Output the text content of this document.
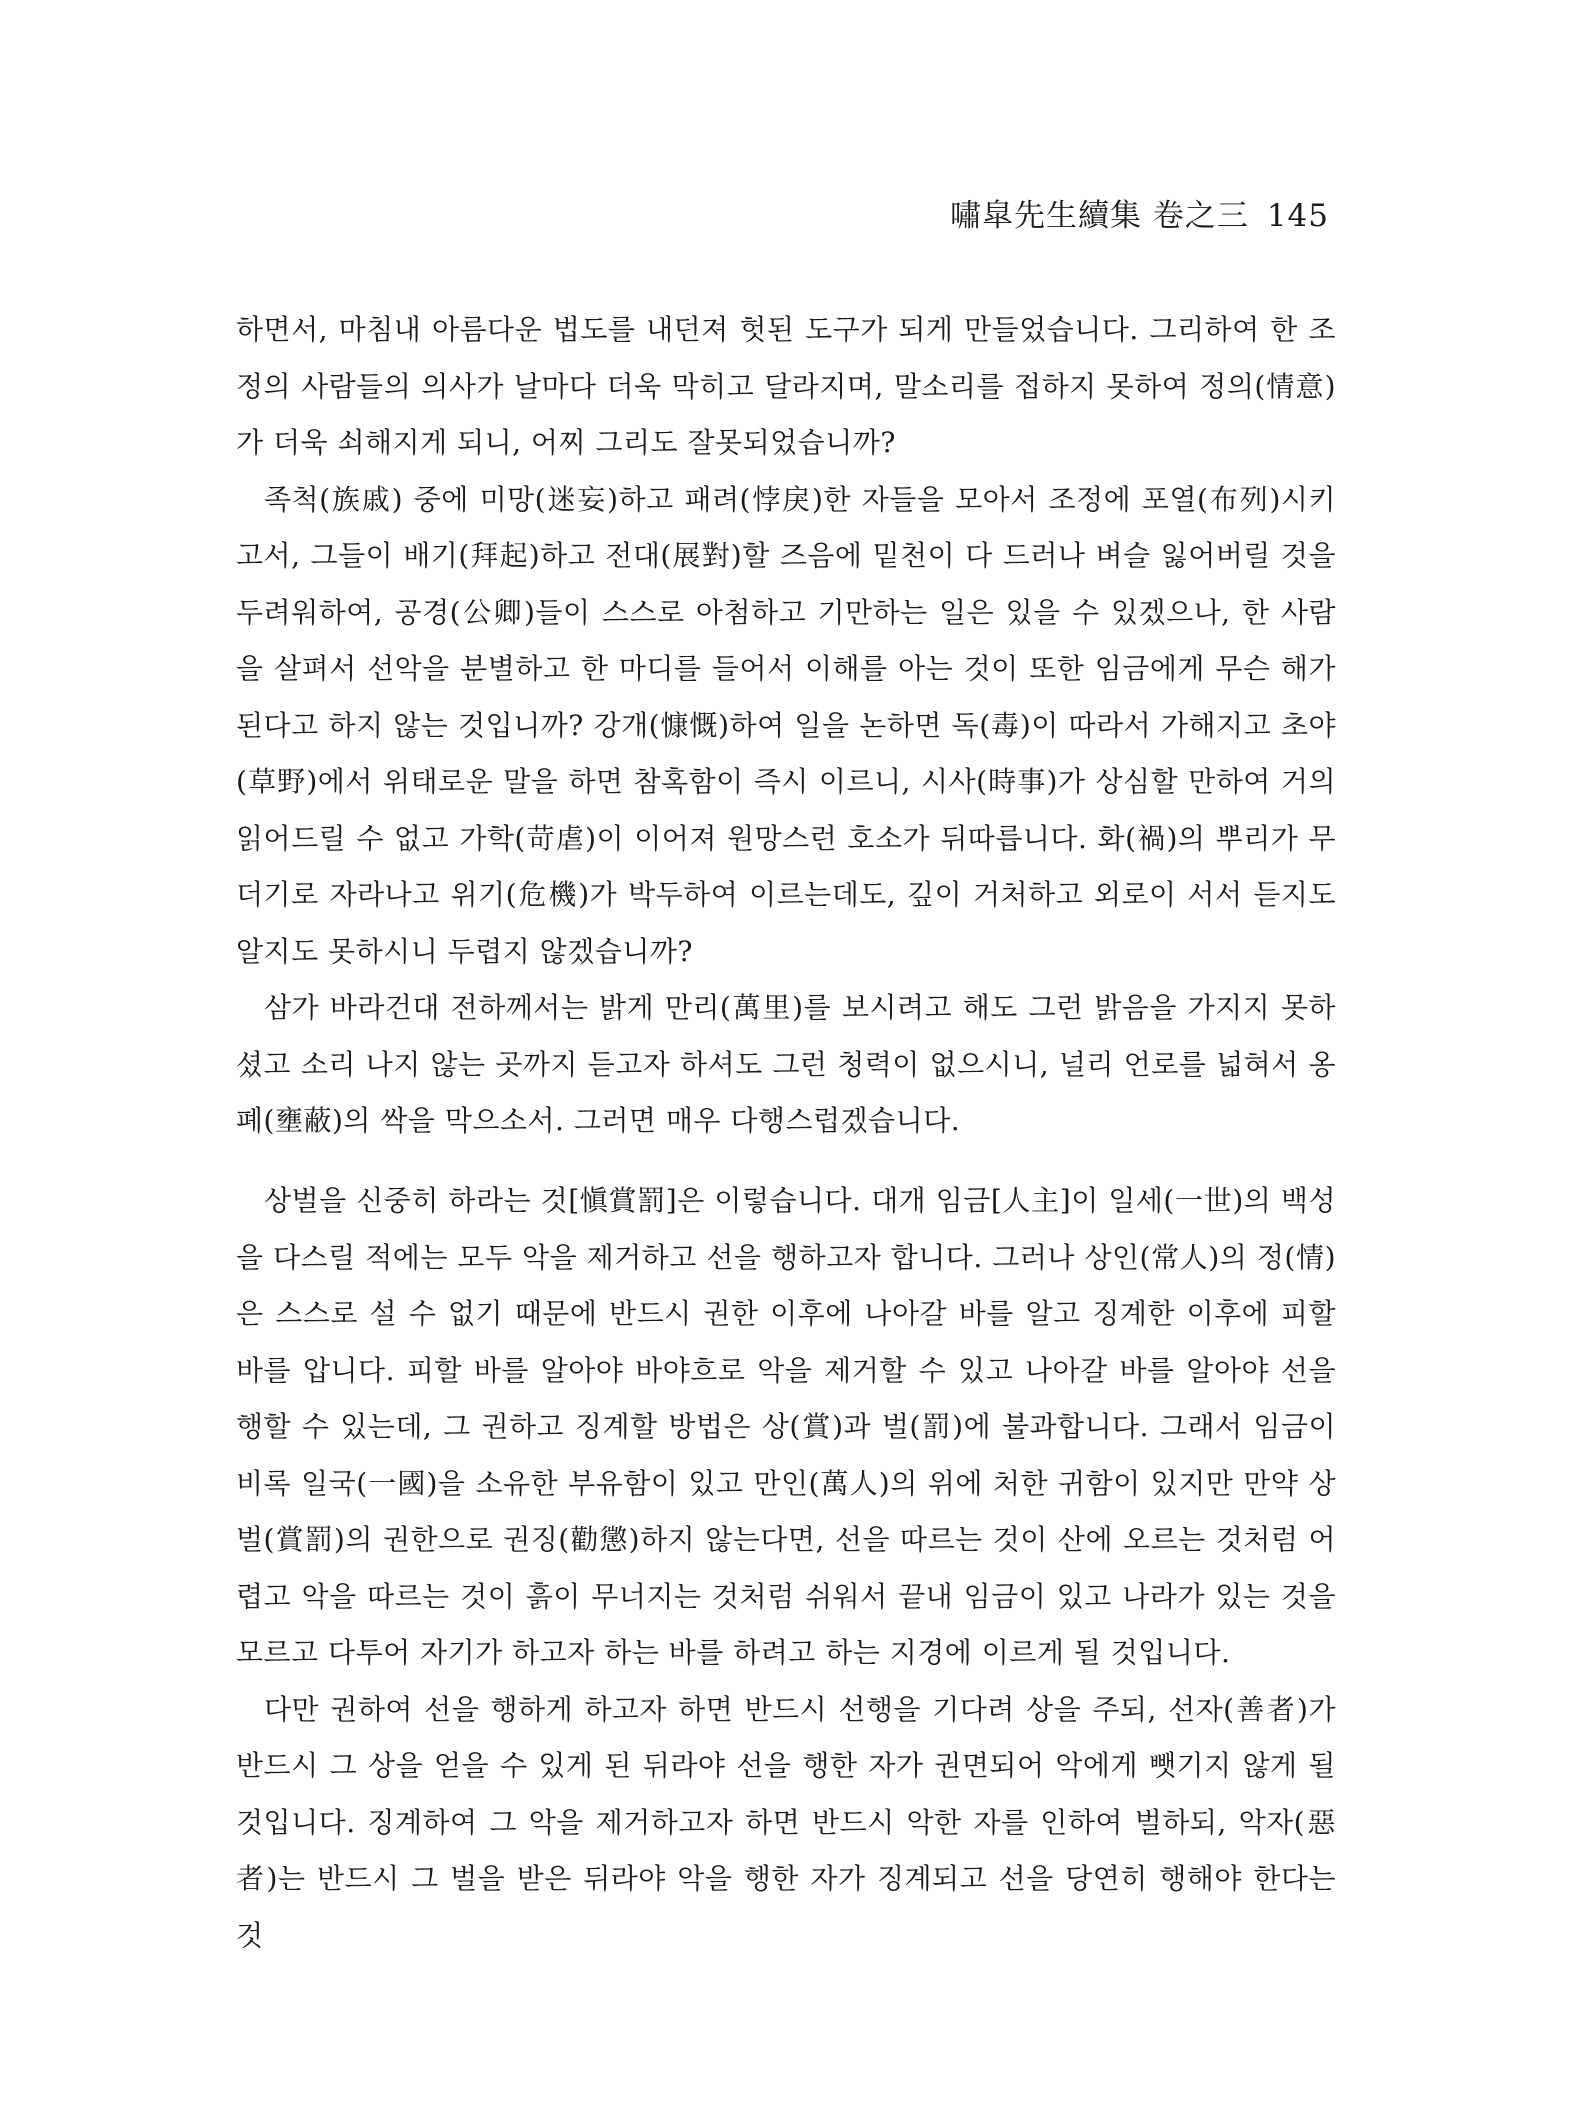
嘯皐先生續集 卷之三 145

하면서, 마침내 아름다운 법도를 내던져 헛된 도구가 되게 만들었습니다. 그리하여 한 조정의 사람들의 의사가 날마다 더욱 막히고 달라지며, 말소리를 접하지 못하여 정의(情意)가 더욱 쇠해지게 되니, 어찌 그리도 잘못되었습니까?

족척(族戚) 중에 미망(迷妄)하고 패려(悖戾)한 자들을 모아서 조정에 포열(布列)시키고서, 그들이 배기(拜起)하고 전대(展對)할 즈음에 밑천이 다 드러나 벼슬 잃어버릴 것을 두려워하여, 공경(公卿)들이 스스로 아첨하고 기만하는 일은 있을 수 있겠으나, 한 사람을 살펴서 선악을 분별하고 한 마디를 들어서 이해를 아는 것이 또한 임금에게 무슨 해가 된다고 하지 않는 것입니까? 강개(慷慨)하여 일을 논하면 독(毒)이 따라서 가해지고 초야(草野)에서 위태로운 말을 하면 참혹함이 즉시 이르니, 시사(時事)가 상심할 만하여 거의 읽어드릴 수 없고 가학(苛虐)이 이어져 원망스런 호소가 뒤따릅니다. 화(禍)의 뿌리가 무더기로 자라나고 위기(危機)가 박두하여 이르는데도, 깊이 거처하고 외로이 서서 듣지도 알지도 못하시니 두렵지 않겠습니까?

삼가 바라건대 전하께서는 밝게 만리(萬里)를 보시려고 해도 그런 밝음을 가지지 못하셨고 소리 나지 않는 곳까지 듣고자 하셔도 그런 청력이 없으시니, 널리 언로를 넓혀서 옹폐(壅蔽)의 싹을 막으소서. 그러면 매우 다행스럽겠습니다.

상벌을 신중히 하라는 것[愼賞罰]은 이렇습니다. 대개 임금[人主]이 일세(一世)의 백성을 다스릴 적에는 모두 악을 제거하고 선을 행하고자 합니다. 그러나 상인(常人)의 정(情)은 스스로 설 수 없기 때문에 반드시 권한 이후에 나아갈 바를 알고 징계한 이후에 피할 바를 압니다. 피할 바를 알아야 바야흐로 악을 제거할 수 있고 나아갈 바를 알아야 선을 행할 수 있는데, 그 권하고 징계할 방법은 상(賞)과 벌(罰)에 불과합니다. 그래서 임금이 비록 일국(一國)을 소유한 부유함이 있고 만인(萬人)의 위에 처한 귀함이 있지만 만약 상벌(賞罰)의 권한으로 권징(勸懲)하지 않는다면, 선을 따르는 것이 산에 오르는 것처럼 어렵고 악을 따르는 것이 흙이 무너지는 것처럼 쉬워서 끝내 임금이 있고 나라가 있는 것을 모르고 다투어 자기가 하고자 하는 바를 하려고 하는 지경에 이르게 될 것입니다.

다만 권하여 선을 행하게 하고자 하면 반드시 선행을 기다려 상을 주되, 선자(善者)가 반드시 그 상을 얻을 수 있게 된 뒤라야 선을 행한 자가 권면되어 악에게 뺏기지 않게 될 것입니다. 징계하여 그 악을 제거하고자 하면 반드시 악한 자를 인하여 벌하되, 악자(惡者)는 반드시 그 벌을 받은 뒤라야 악을 행한 자가 징계되고 선을 당연히 행해야 한다는 것
